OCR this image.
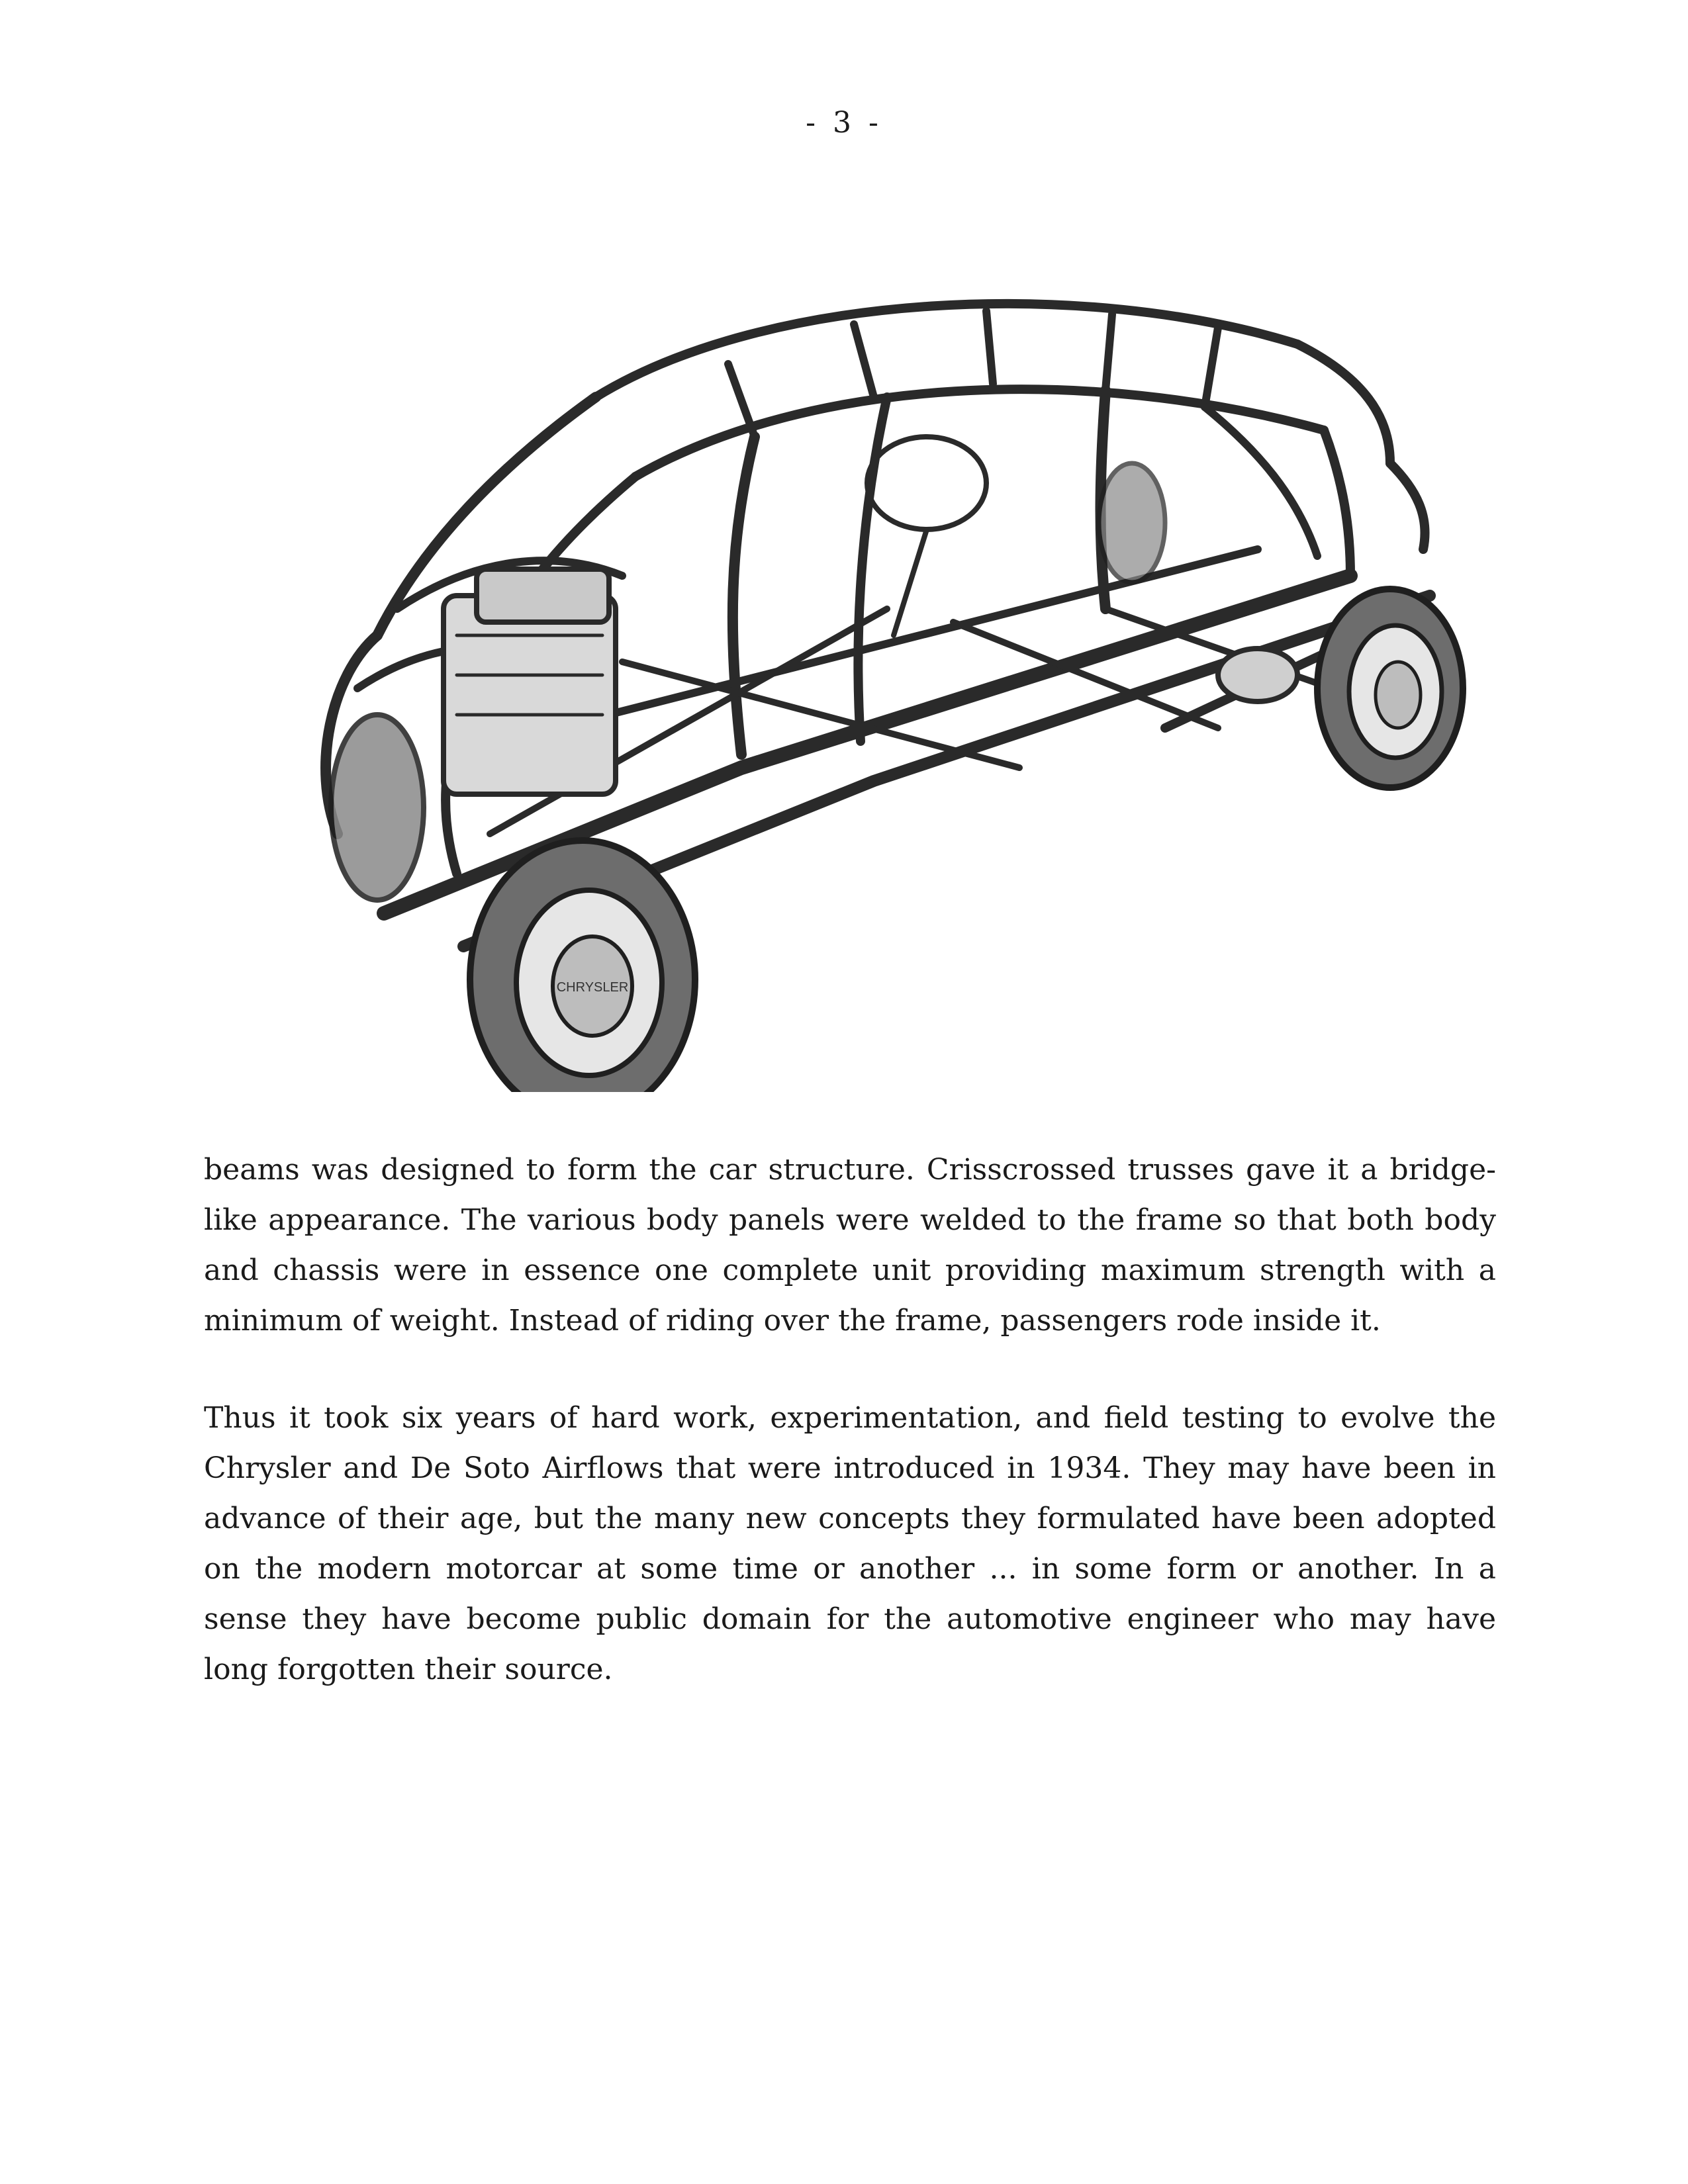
- 3 -
CHRYSLER

beams was designed to form the car structure. Crisscrossed trusses gave it a bridge-like appearance. The various body panels were welded to the frame so that both body and chassis were in essence one complete unit providing maximum strength with a minimum of weight. Instead of riding over the frame, passengers rode inside it.

Thus it took six years of hard work, experimentation, and field testing to evolve the Chrysler and De Soto Airflows that were introduced in 1934. They may have been in advance of their age, but the many new concepts they formulated have been adopted on the modern motorcar at some time or another ... in some form or another. In a sense they have become public domain for the automotive engineer who may have long forgotten their source.
